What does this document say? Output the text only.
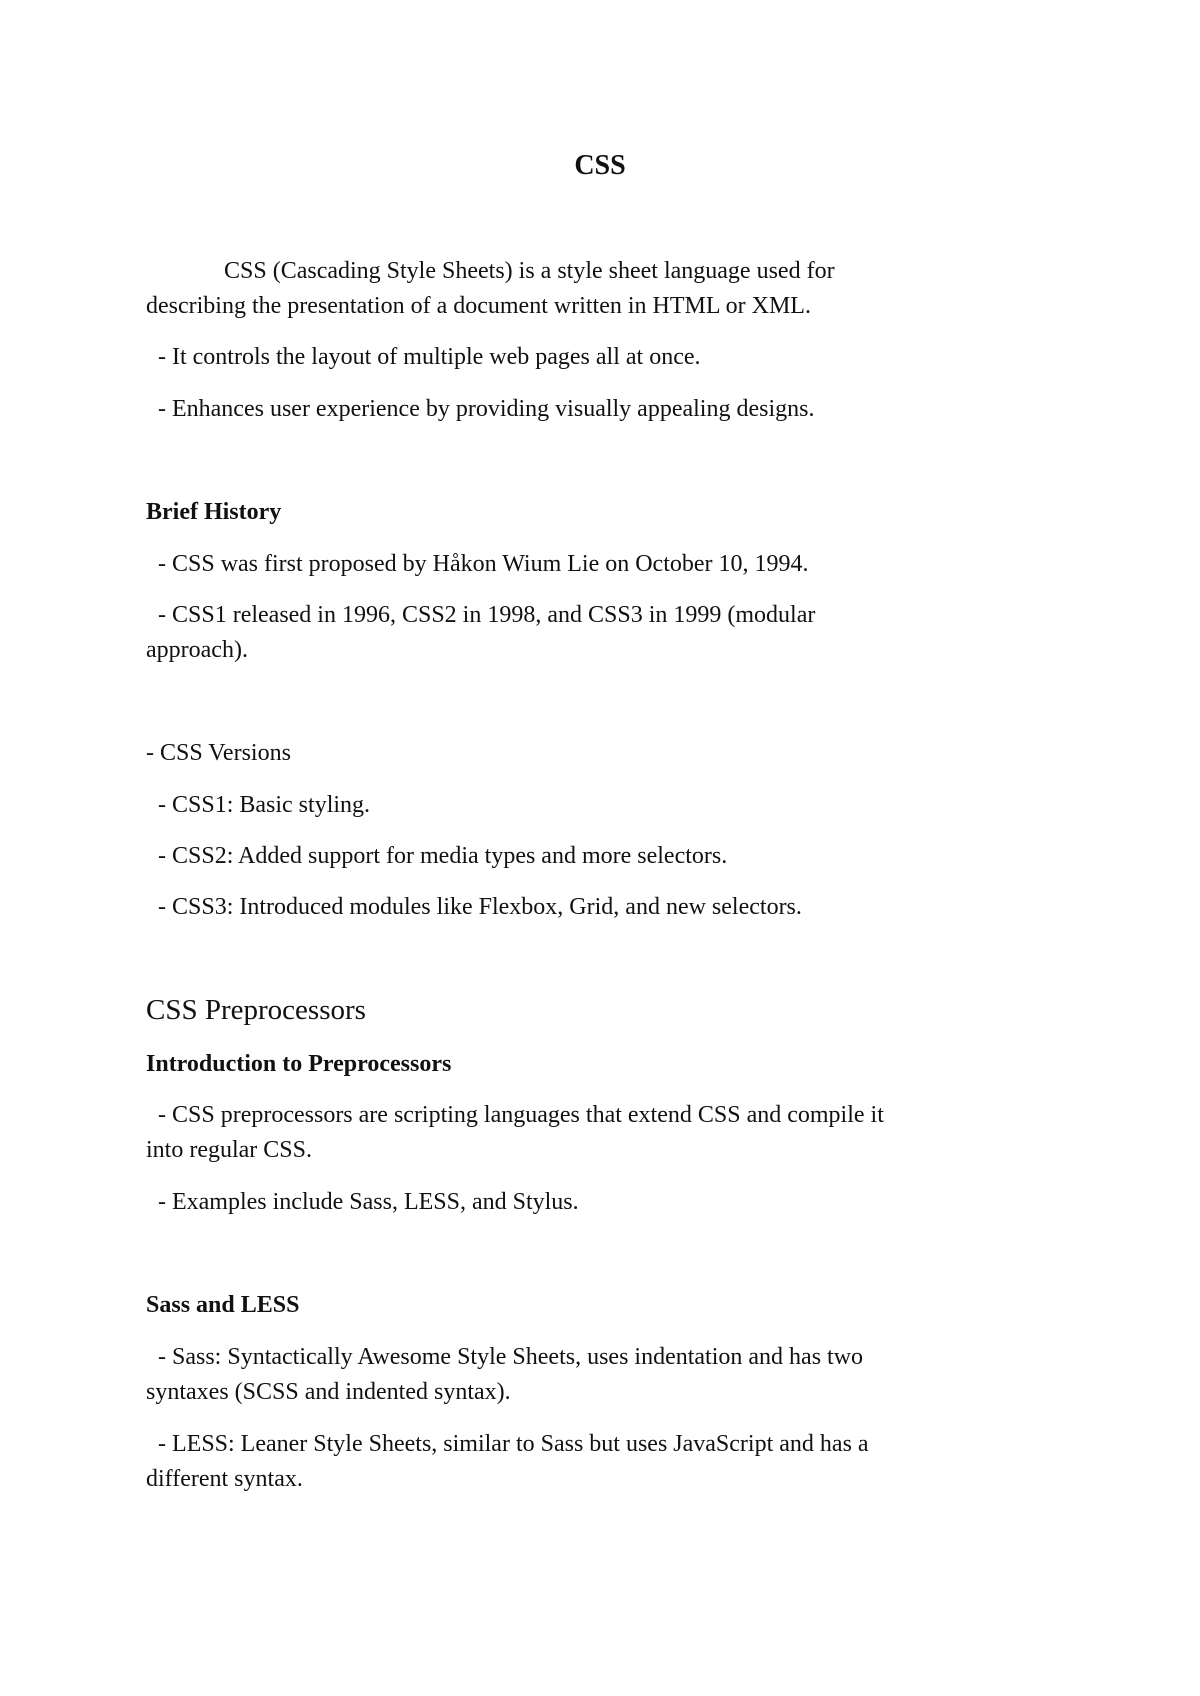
CSS
CSS (Cascading Style Sheets) is a style sheet language used for
describing the presentation of a document written in HTML or XML.
- It controls the layout of multiple web pages all at once.
- Enhances user experience by providing visually appealing designs.
Brief History
- CSS was first proposed by Håkon Wium Lie on October 10, 1994.
- CSS1 released in 1996, CSS2 in 1998, and CSS3 in 1999 (modular
approach).
- CSS Versions
- CSS1: Basic styling.
- CSS2: Added support for media types and more selectors.
- CSS3: Introduced modules like Flexbox, Grid, and new selectors.
CSS Preprocessors
Introduction to Preprocessors
- CSS preprocessors are scripting languages that extend CSS and compile it
into regular CSS.
- Examples include Sass, LESS, and Stylus.
Sass and LESS
- Sass: Syntactically Awesome Style Sheets, uses indentation and has two
syntaxes (SCSS and indented syntax).
- LESS: Leaner Style Sheets, similar to Sass but uses JavaScript and has a
different syntax.
